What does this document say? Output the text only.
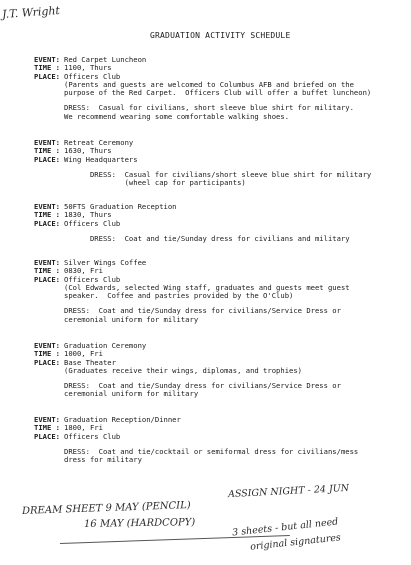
J.T. Wright
GRADUATION ACTIVITY SCHEDULE
EVENT: Red Carpet Luncheon
TIME : 1100, Thurs
PLACE: Officers Club
(Parents and guests are welcomed to Columbus AFB and briefed on the
purpose of the Red Carpet.  Officers Club will offer a buffet luncheon)
DRESS:  Casual for civilians, short sleeve blue shirt for military.
We recommend wearing some comfortable walking shoes.
EVENT: Retreat Ceremony
TIME : 1630, Thurs
PLACE: Wing Headquarters
DRESS:  Casual for civilians/short sleeve blue shirt for military
(wheel cap for participants)
EVENT: 50FTS Graduation Reception
TIME : 1830, Thurs
PLACE: Officers Club
DRESS:  Coat and tie/Sunday dress for civilians and military
EVENT: Silver Wings Coffee
TIME : 0830, Fri
PLACE: Officers Club
(Col Edwards, selected Wing staff, graduates and guests meet guest
speaker.  Coffee and pastries provided by the O'Club)
DRESS:  Coat and tie/Sunday dress for civilians/Service Dress or
ceremonial uniform for military
EVENT: Graduation Ceremony
TIME : 1000, Fri
PLACE: Base Theater
(Graduates receive their wings, diplomas, and trophies)
DRESS:  Coat and tie/Sunday dress for civilians/Service Dress or
ceremonial uniform for military
EVENT: Graduation Reception/Dinner
TIME : 1800, Fri
PLACE: Officers Club
DRESS:  Coat and tie/cocktail or semiformal dress for civilians/mess
dress for military
ASSIGN NIGHT - 24 JUN
DREAM SHEET 9 MAY (PENCIL)
16 MAY (HARDCOPY)	3 sheets - but all need
original signatures
